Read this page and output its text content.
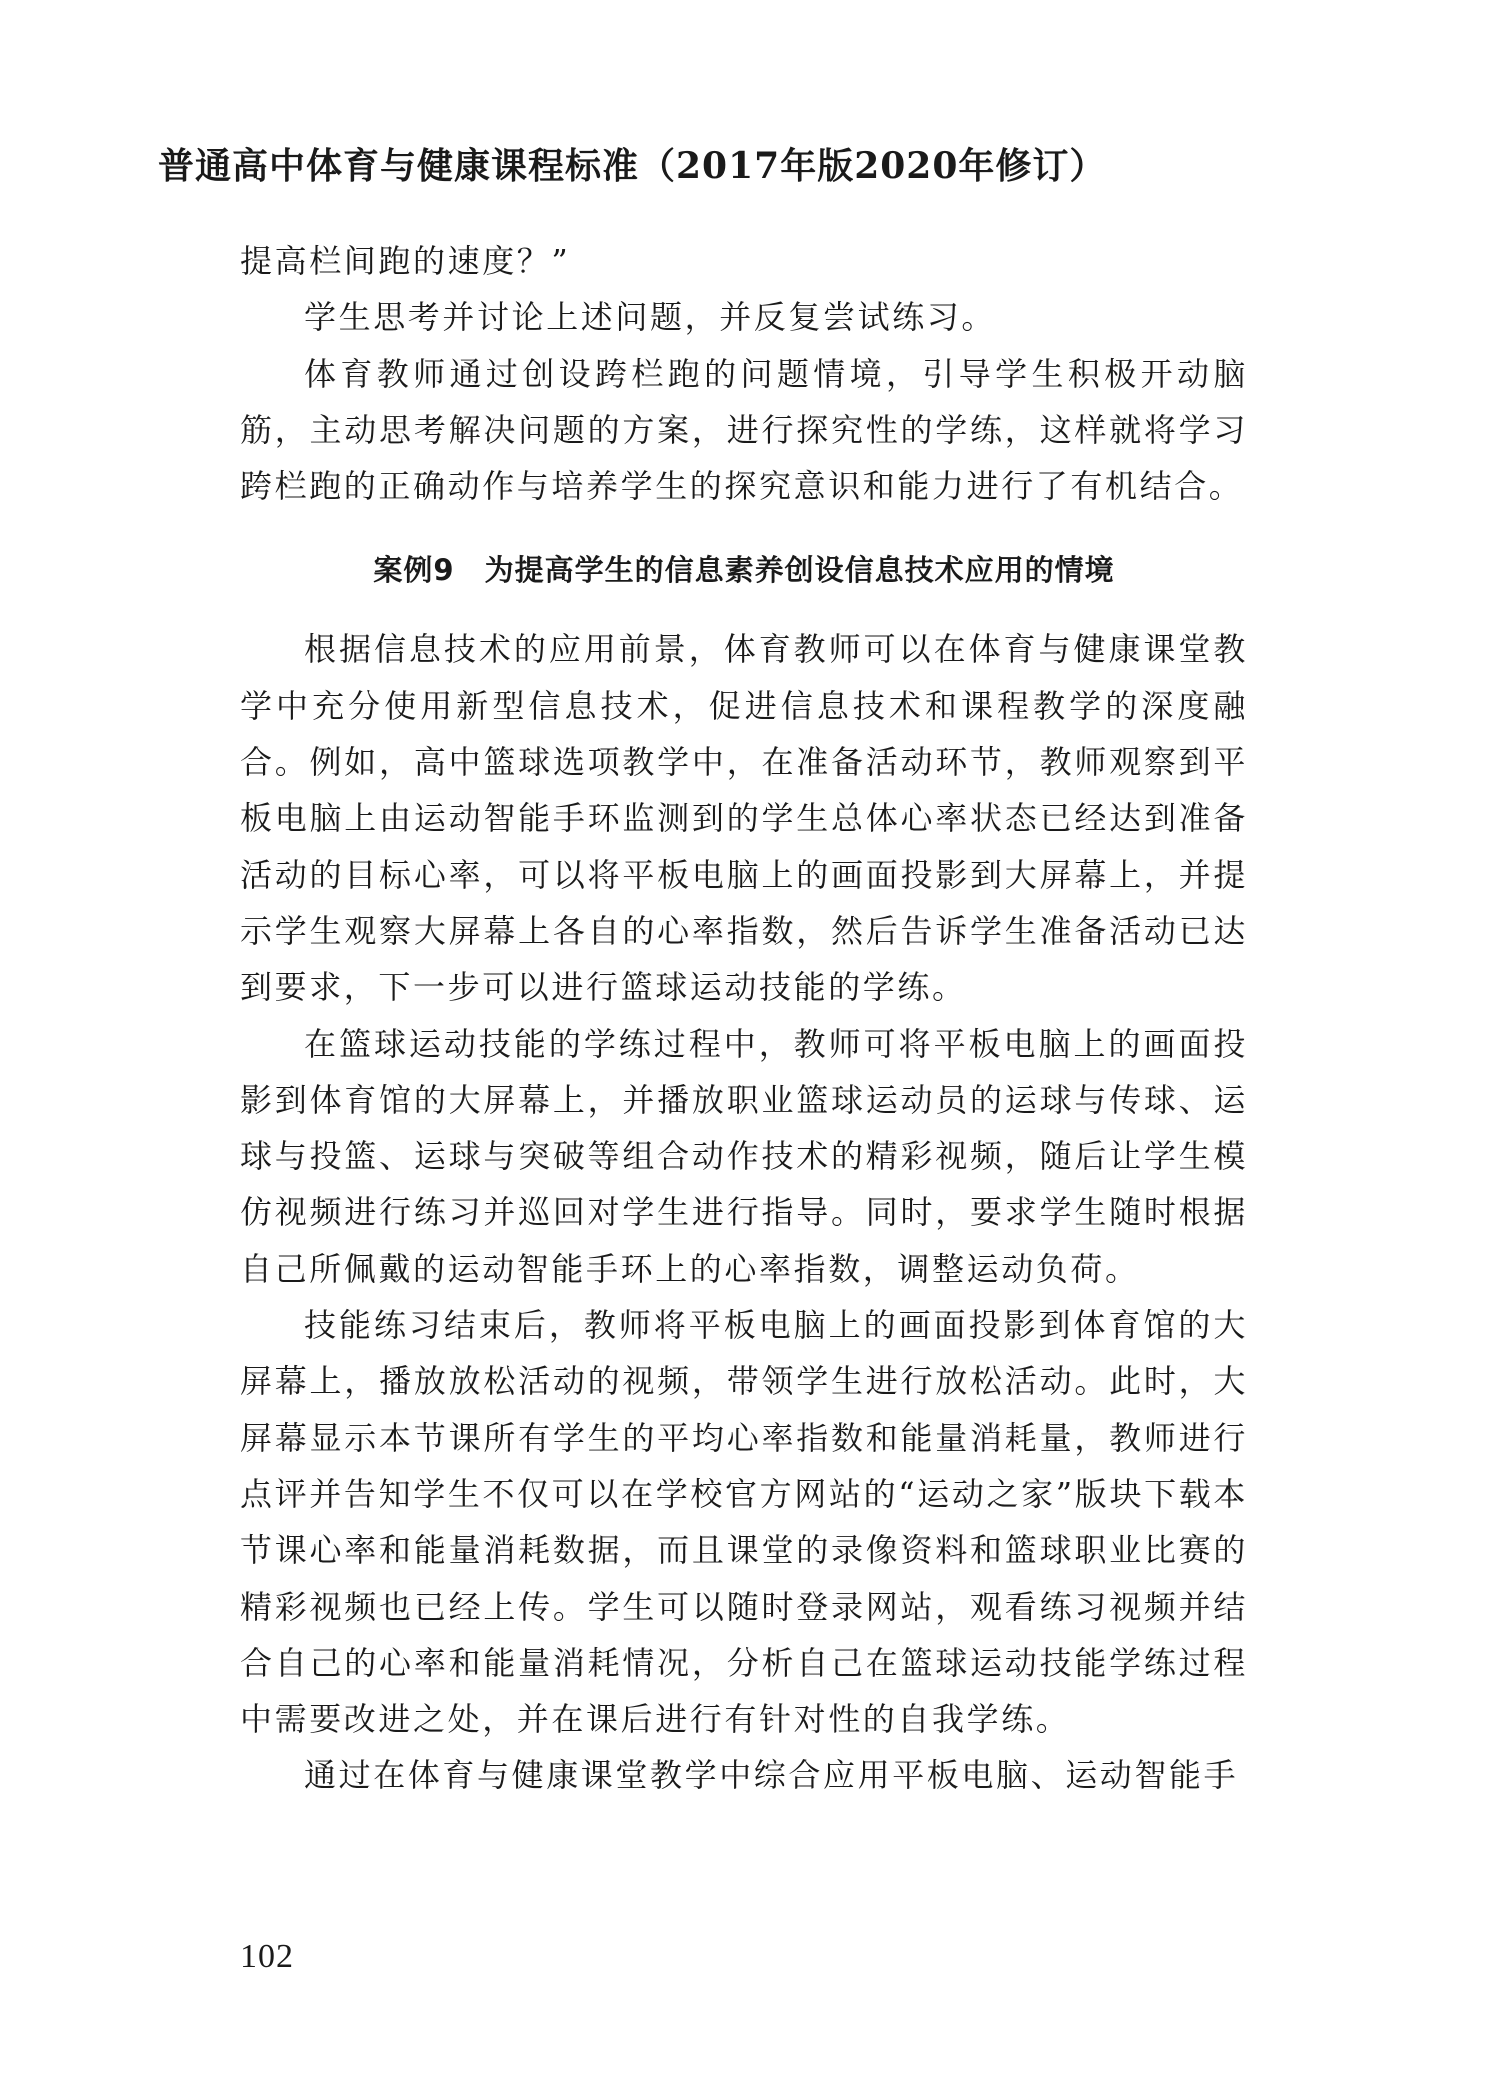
普通高中体育与健康课程标准（2017年版2020年修订）

提高栏间跑的速度？”

学生思考并讨论上述问题，并反复尝试练习。

体育教师通过创设跨栏跑的问题情境，引导学生积极开动脑筋，主动思考解决问题的方案，进行探究性的学练，这样就将学习跨栏跑的正确动作与培养学生的探究意识和能力进行了有机结合。

案例9　为提高学生的信息素养创设信息技术应用的情境

根据信息技术的应用前景，体育教师可以在体育与健康课堂教学中充分使用新型信息技术，促进信息技术和课程教学的深度融合。例如，高中篮球选项教学中，在准备活动环节，教师观察到平板电脑上由运动智能手环监测到的学生总体心率状态已经达到准备活动的目标心率，可以将平板电脑上的画面投影到大屏幕上，并提示学生观察大屏幕上各自的心率指数，然后告诉学生准备活动已达到要求，下一步可以进行篮球运动技能的学练。

在篮球运动技能的学练过程中，教师可将平板电脑上的画面投影到体育馆的大屏幕上，并播放职业篮球运动员的运球与传球、运球与投篮、运球与突破等组合动作技术的精彩视频，随后让学生模仿视频进行练习并巡回对学生进行指导。同时，要求学生随时根据自己所佩戴的运动智能手环上的心率指数，调整运动负荷。

技能练习结束后，教师将平板电脑上的画面投影到体育馆的大屏幕上，播放放松活动的视频，带领学生进行放松活动。此时，大屏幕显示本节课所有学生的平均心率指数和能量消耗量，教师进行点评并告知学生不仅可以在学校官方网站的“运动之家”版块下载本节课心率和能量消耗数据，而且课堂的录像资料和篮球职业比赛的精彩视频也已经上传。学生可以随时登录网站，观看练习视频并结合自己的心率和能量消耗情况，分析自己在篮球运动技能学练过程中需要改进之处，并在课后进行有针对性的自我学练。

通过在体育与健康课堂教学中综合应用平板电脑、运动智能手

102
